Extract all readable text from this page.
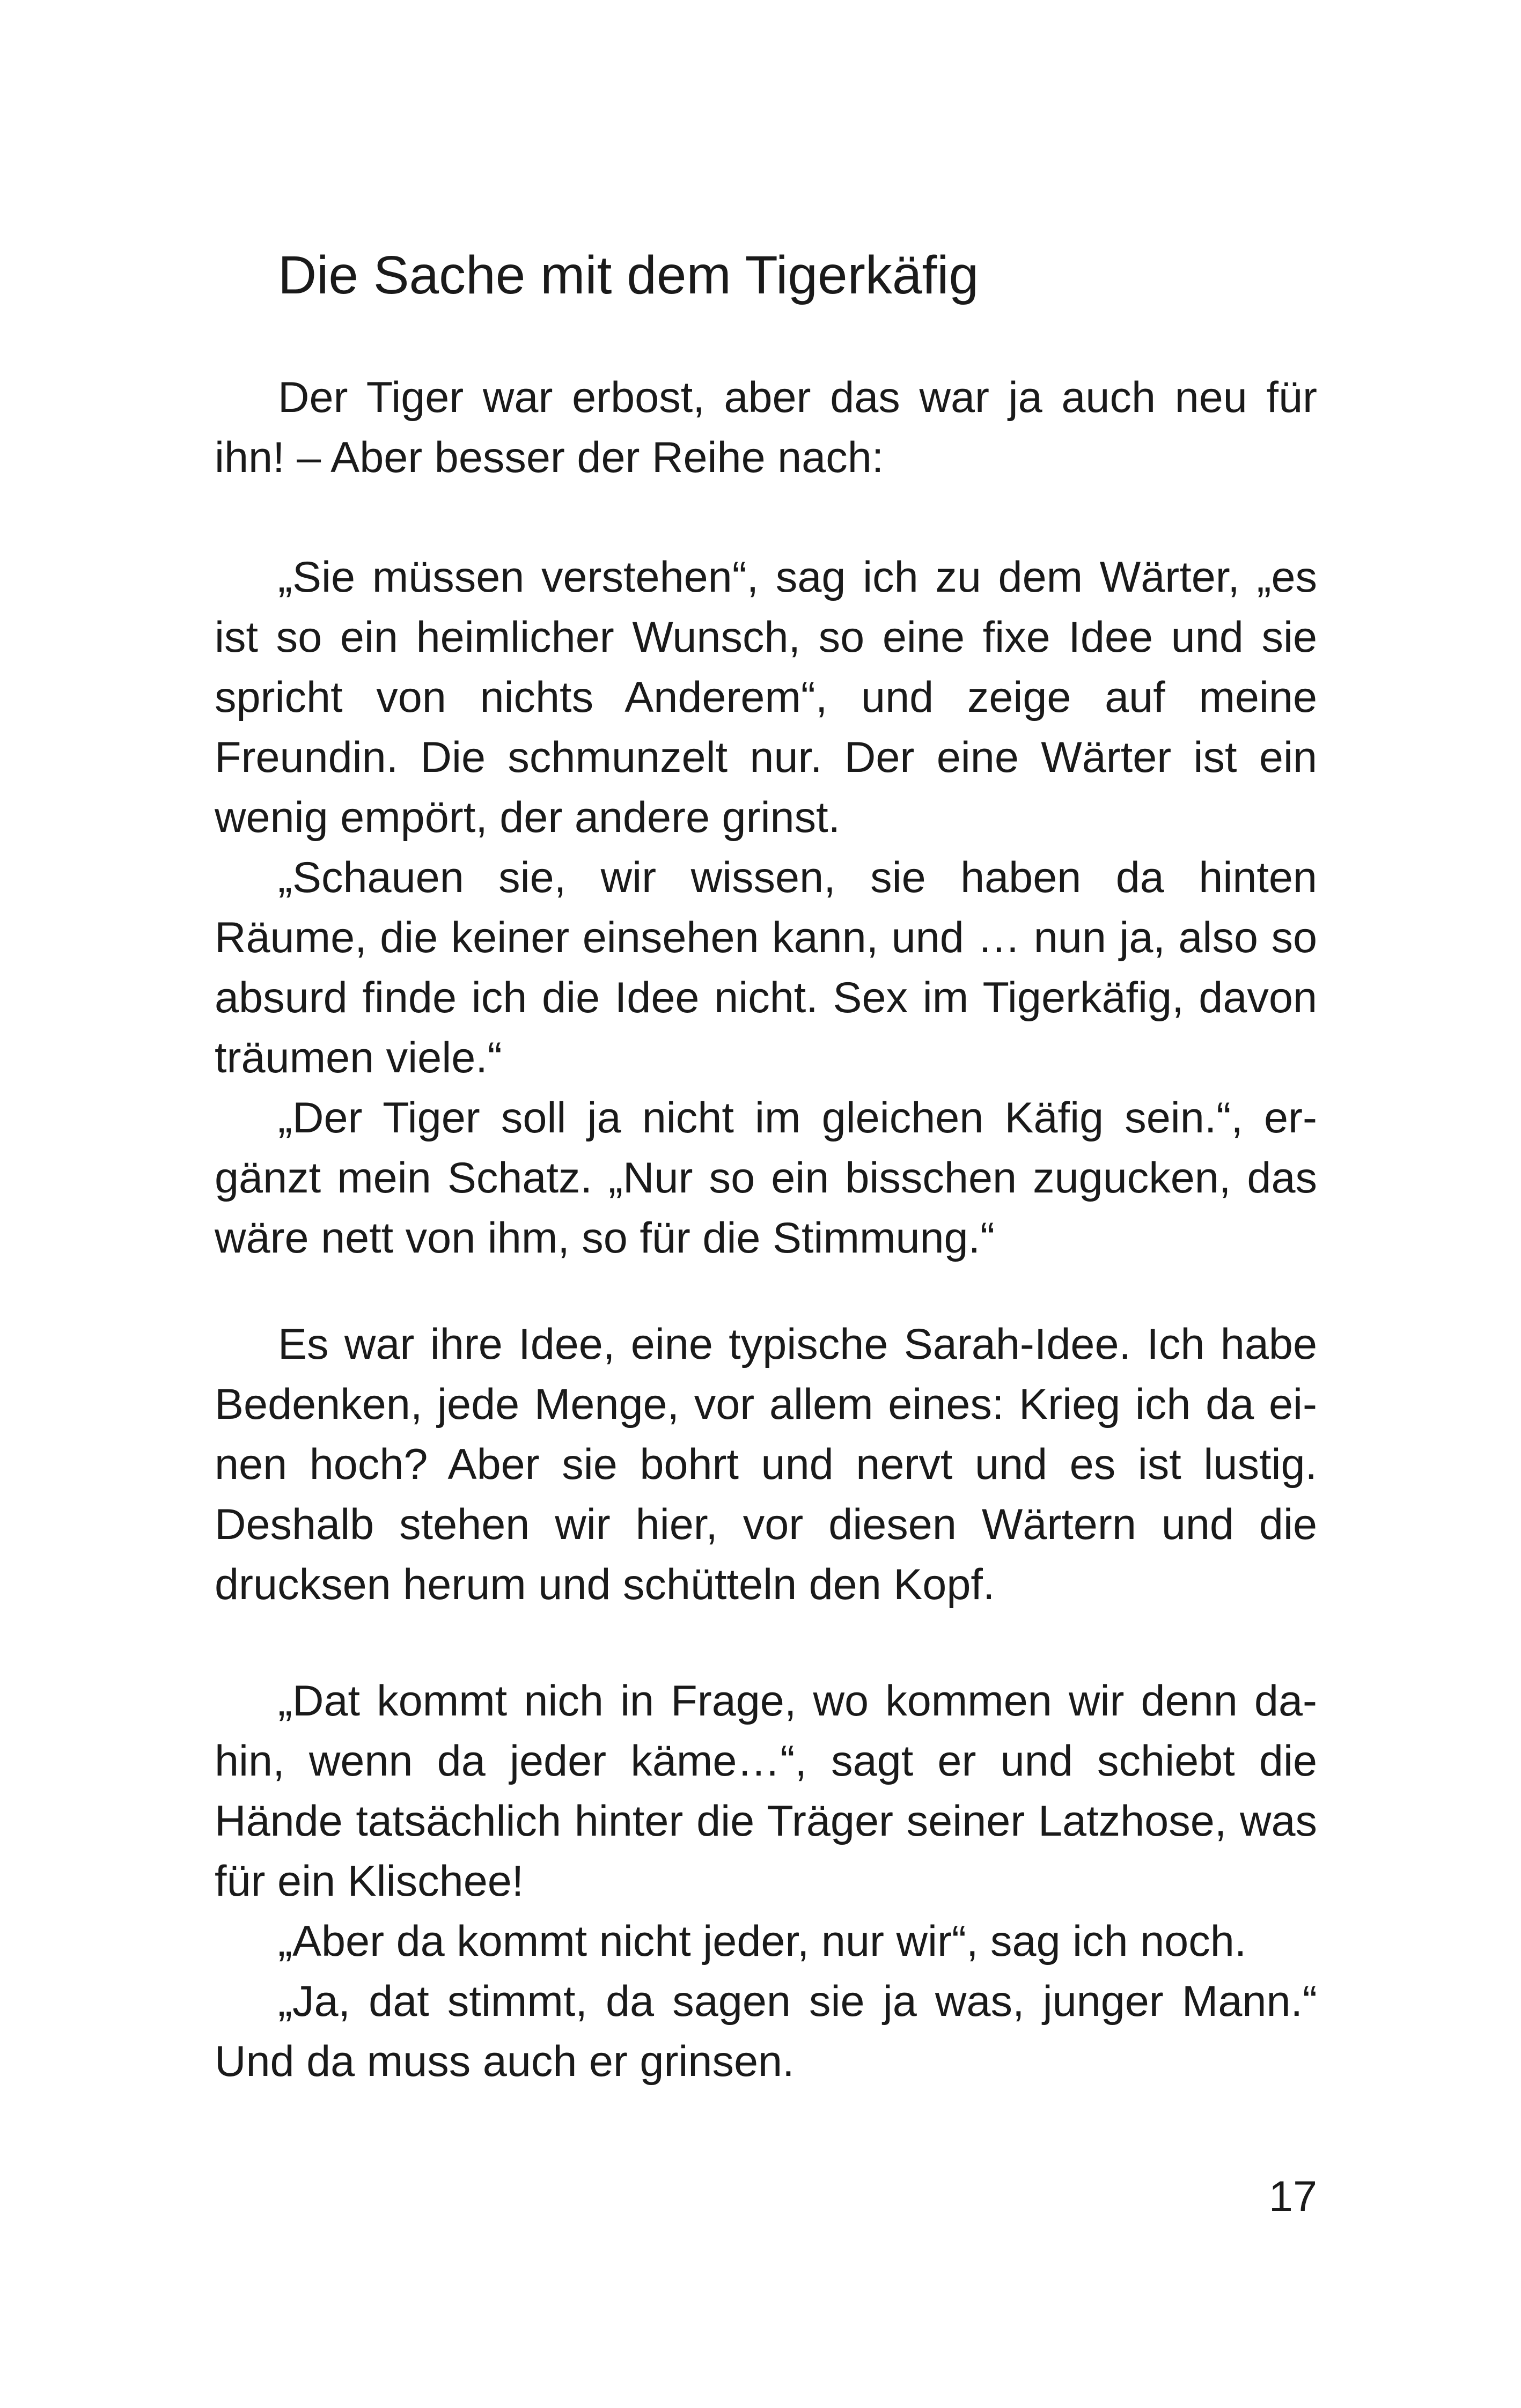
Die Sache mit dem Tigerkäfig

Der Tiger war erbost, aber das war ja auch neu für ihn! – Aber besser der Reihe nach:

„Sie müssen verstehen“, sag ich zu dem Wärter, „es ist so ein heimlicher Wunsch, so eine fixe Idee und sie spricht von nichts Anderem“, und zeige auf meine Freundin. Die schmunzelt nur. Der eine Wärter ist ein wenig empört, der andere grinst.

„Schauen sie, wir wissen, sie haben da hinten Räume, die keiner einsehen kann, und … nun ja, also so absurd finde ich die Idee nicht. Sex im Tigerkäfig, davon träumen viele.“

„Der Tiger soll ja nicht im gleichen Käfig sein.“, ergänzt mein Schatz. „Nur so ein bisschen zugucken, das wäre nett von ihm, so für die Stimmung.“

Es war ihre Idee, eine typische Sarah-Idee. Ich habe Bedenken, jede Menge, vor allem eines: Krieg ich da einen hoch? Aber sie bohrt und nervt und es ist lustig. Deshalb stehen wir hier, vor diesen Wärtern und die drucksen herum und schütteln den Kopf.

„Dat kommt nich in Frage, wo kommen wir denn dahin, wenn da jeder käme…“, sagt er und schiebt die Hände tatsächlich hinter die Träger seiner Latzhose, was für ein Klischee!

„Aber da kommt nicht jeder, nur wir“, sag ich noch.

„Ja, dat stimmt, da sagen sie ja was, junger Mann.“ Und da muss auch er grinsen.

17
